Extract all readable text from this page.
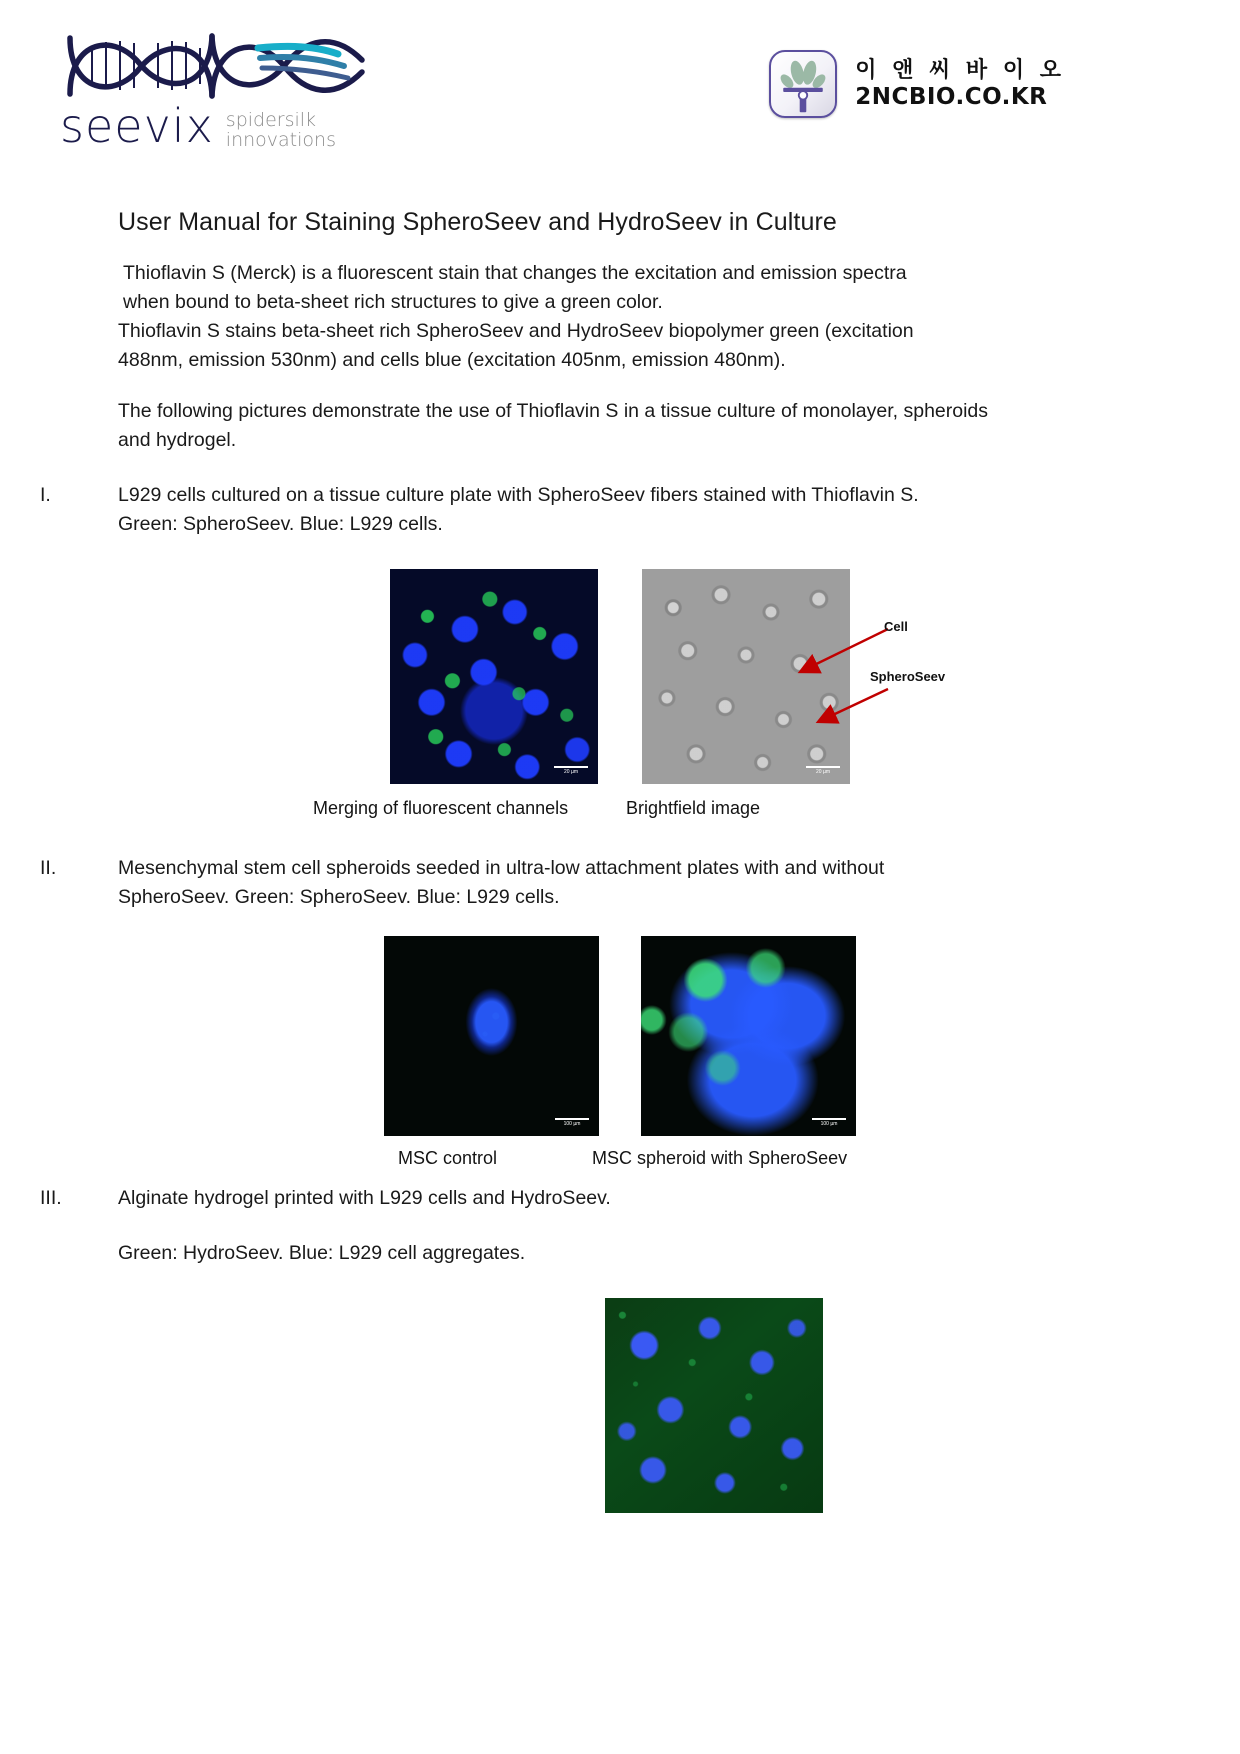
seevix spidersilk
innovations
이 앤 씨 바 이 오
2NCBIO.CO.KR
User Manual for Staining SpheroSeev and HydroSeev in Culture
Thioflavin S (Merck) is a fluorescent stain that changes the excitation and emission spectra
when bound to beta-sheet rich structures to give a green color.
Thioflavin S stains beta-sheet rich SpheroSeev and HydroSeev biopolymer green (excitation
488nm, emission 530nm) and cells blue (excitation 405nm, emission 480nm).
The following pictures demonstrate the use of Thioflavin S in a tissue culture of monolayer, spheroids and hydrogel.
I.	L929 cells cultured on a tissue culture plate with SpheroSeev fibers stained with Thioflavin S.
Green: SpheroSeev. Blue: L929 cells.
20 µm	20 µm
Cell
SpheroSeev
Merging of fluorescent channels	Brightfield image
II.	Mesenchymal stem cell spheroids seeded in ultra-low attachment plates with and without
SpheroSeev. Green: SpheroSeev. Blue: L929 cells.
100 µm	100 µm
MSC control	MSC spheroid with SpheroSeev
III.	Alginate hydrogel printed with L929 cells and HydroSeev.
Green: HydroSeev. Blue: L929 cell aggregates.
